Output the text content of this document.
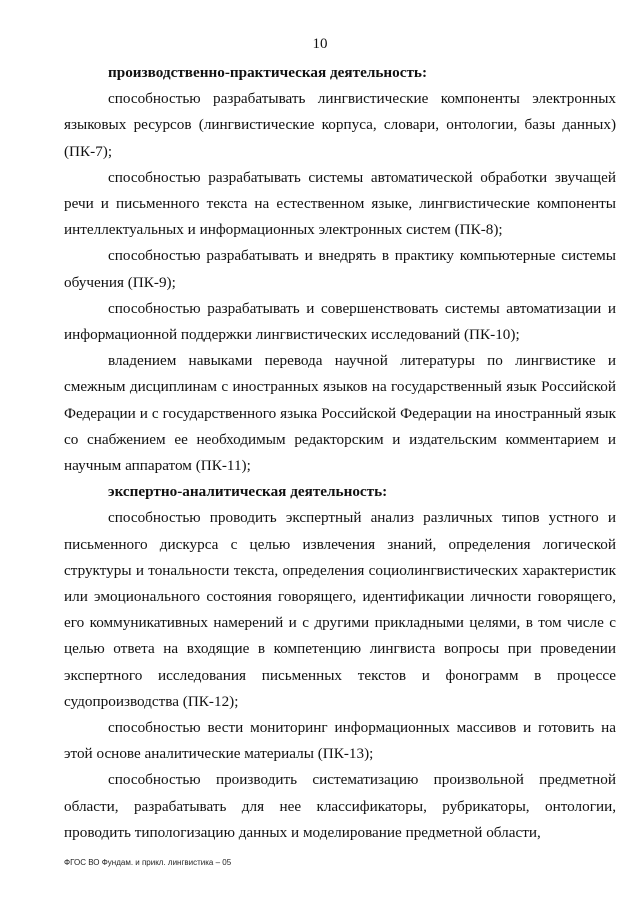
10

производственно-практическая деятельность:

способностью разрабатывать лингвистические компоненты электронных языковых ресурсов (лингвистические корпуса, словари, онтологии, базы данных) (ПК-7);

способностью разрабатывать системы автоматической обработки звучащей речи и письменного текста на естественном языке, лингвистические компоненты интеллектуальных и информационных электронных систем (ПК-8);

способностью разрабатывать и внедрять в практику компьютерные системы обучения (ПК-9);

способностью разрабатывать и совершенствовать системы автоматизации и информационной поддержки лингвистических исследований (ПК-10);

владением навыками перевода научной литературы по лингвистике и смежным дисциплинам с иностранных языков на государственный язык Российской Федерации и с государственного языка Российской Федерации на иностранный язык со снабжением ее необходимым редакторским и издательским комментарием и научным аппаратом (ПК-11);

экспертно-аналитическая деятельность:

способностью проводить экспертный анализ различных типов устного и письменного дискурса с целью извлечения знаний, определения логической структуры и тональности текста, определения социолингвистических характеристик или эмоционального состояния говорящего, идентификации личности говорящего, его коммуникативных намерений и с другими прикладными целями, в том числе с целью ответа на входящие в компетенцию лингвиста вопросы при проведении экспертного исследования письменных текстов и фонограмм в процессе судопроизводства (ПК-12);

способностью вести мониторинг информационных массивов и готовить на этой основе аналитические материалы (ПК-13);

способностью производить систематизацию произвольной предметной области, разрабатывать для нее классификаторы, рубрикаторы, онтологии, проводить типологизацию данных и моделирование предметной области,

ФГОС ВО Фундам. и прикл. лингвистика – 05
